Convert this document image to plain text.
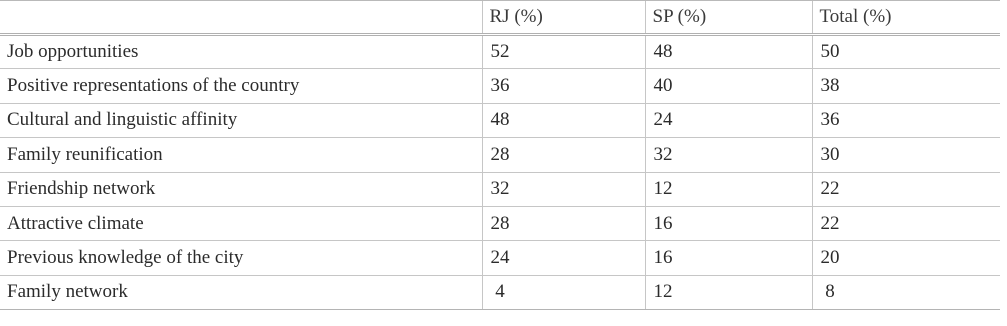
	RJ (%)	SP (%)	Total (%)
Job opportunities	52	48	50
Positive representations of the country	36	40	38
Cultural and linguistic affinity	48	24	36
Family reunification	28	32	30
Friendship network	32	12	22
Attractive climate	28	16	22
Previous knowledge of the city	24	16	20
Family network	4	12	8
